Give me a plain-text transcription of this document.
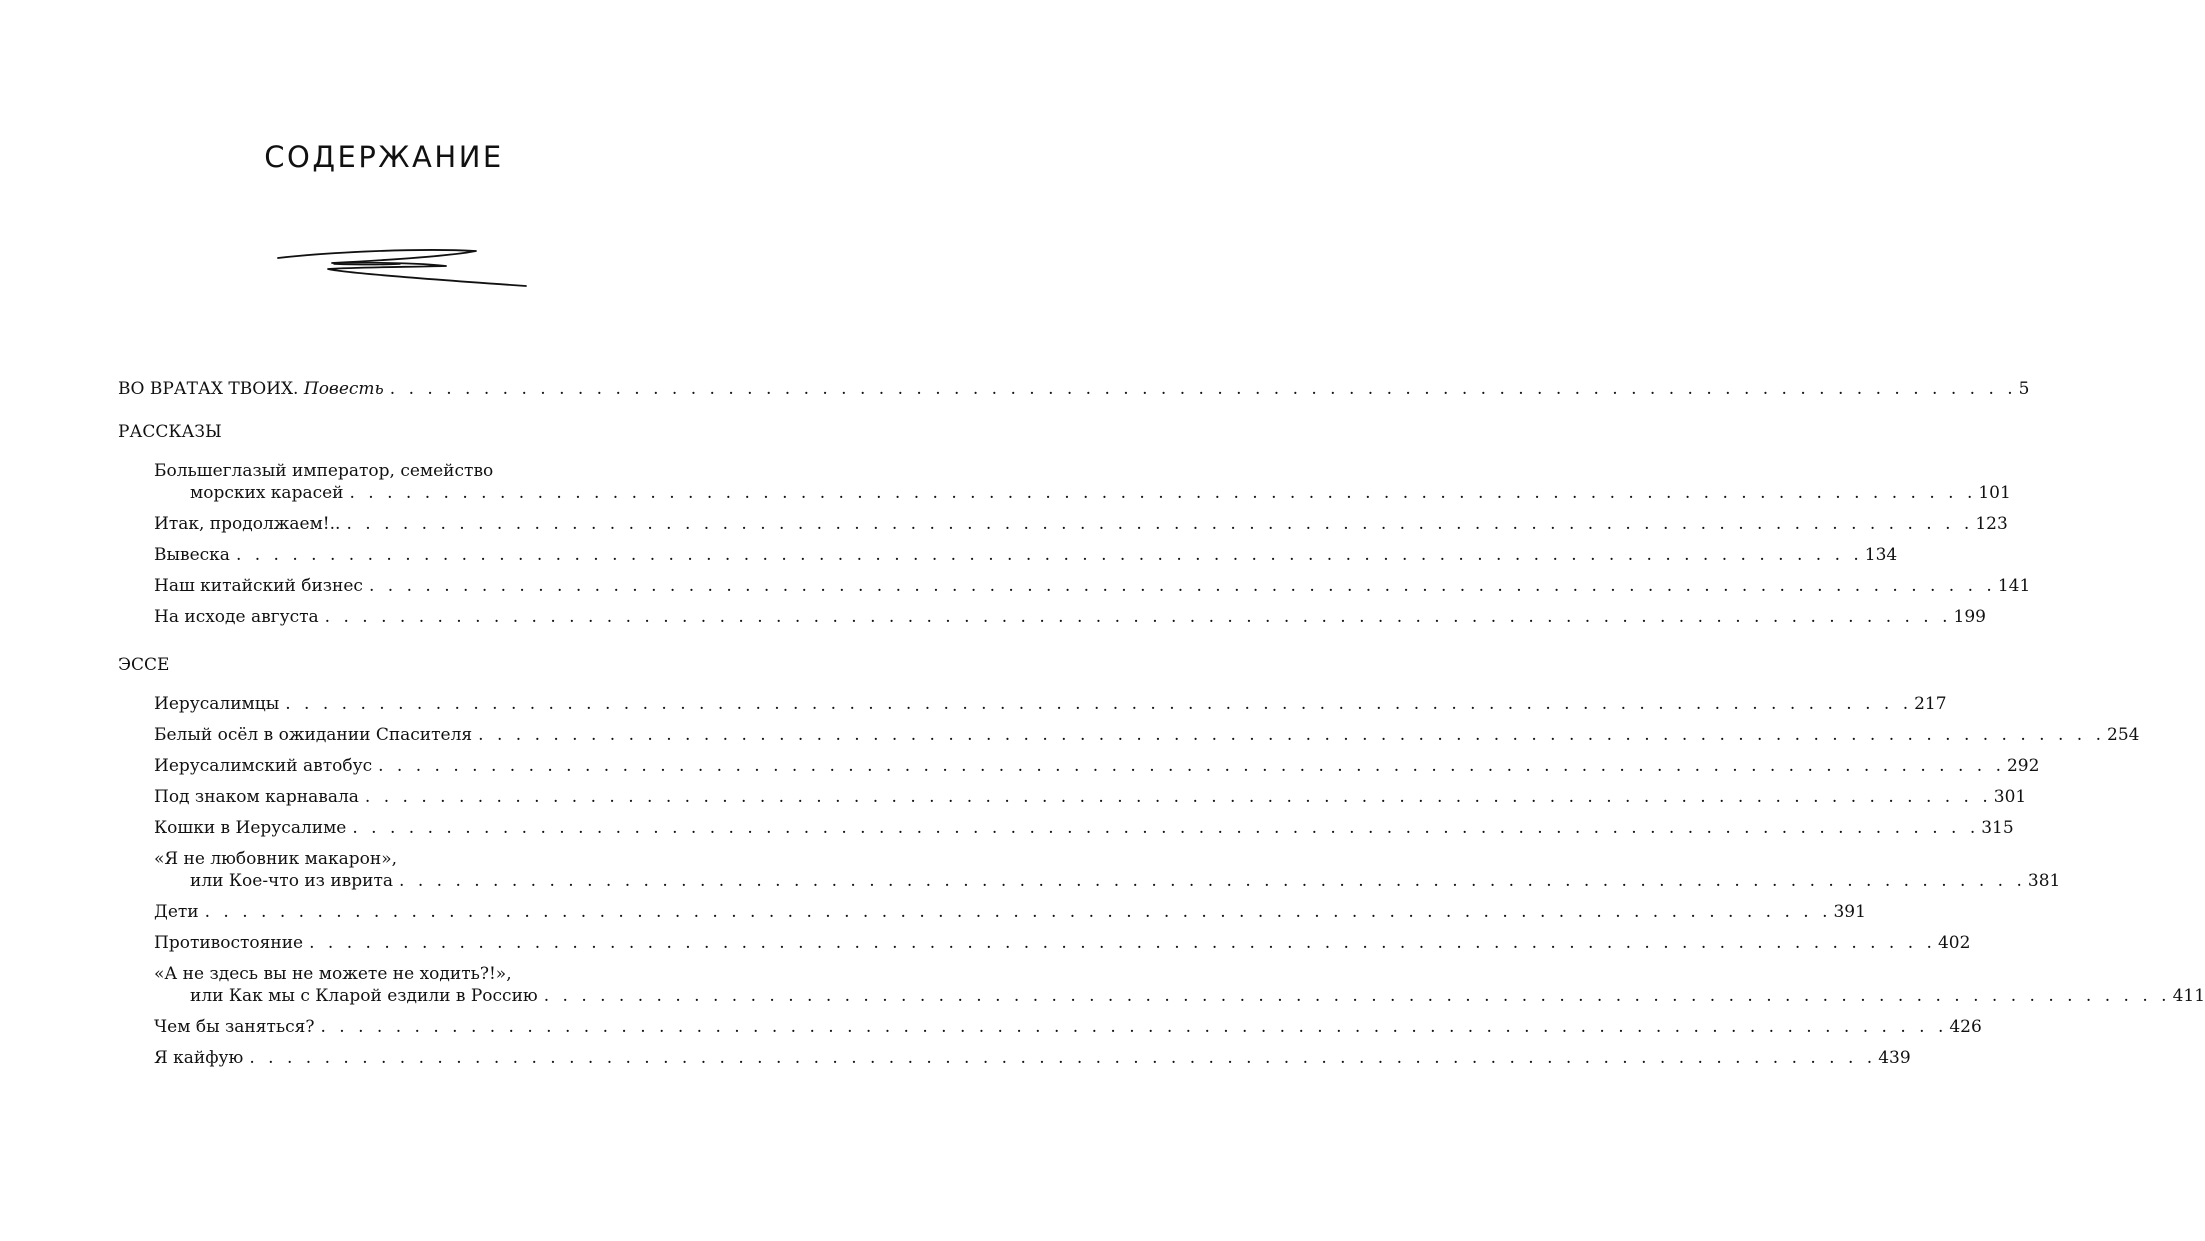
СОДЕРЖАНИЕ
ВО ВРАТАХ ТВОИХ. Повесть . . . . . . . . . . . . . . . . . . . . . . . . . . . . . . . . . . . . . . . . . . . . . . . . . . . . . . . . . . . . . . . . . . . . . . . . . . . . . . . . . . . . . . . 5
РАССКАЗЫ
Большеглазый император, семейство
морских карасей . . . . . . . . . . . . . . . . . . . . . . . . . . . . . . . . . . . . . . . . . . . . . . . . . . . . . . . . . . . . . . . . . . . . . . . . . . . . . . . . . . . . . . . 101
Итак, продолжаем!.. . . . . . . . . . . . . . . . . . . . . . . . . . . . . . . . . . . . . . . . . . . . . . . . . . . . . . . . . . . . . . . . . . . . . . . . . . . . . . . . . . . . . . . . 123
Вывеска . . . . . . . . . . . . . . . . . . . . . . . . . . . . . . . . . . . . . . . . . . . . . . . . . . . . . . . . . . . . . . . . . . . . . . . . . . . . . . . . . . . . . . . 134
Наш китайский бизнес . . . . . . . . . . . . . . . . . . . . . . . . . . . . . . . . . . . . . . . . . . . . . . . . . . . . . . . . . . . . . . . . . . . . . . . . . . . . . . . . . . . . . . . 141
На исходе августа . . . . . . . . . . . . . . . . . . . . . . . . . . . . . . . . . . . . . . . . . . . . . . . . . . . . . . . . . . . . . . . . . . . . . . . . . . . . . . . . . . . . . . . 199
ЭССЕ
Иерусалимцы . . . . . . . . . . . . . . . . . . . . . . . . . . . . . . . . . . . . . . . . . . . . . . . . . . . . . . . . . . . . . . . . . . . . . . . . . . . . . . . . . . . . . . . 217
Белый осёл в ожидании Спасителя . . . . . . . . . . . . . . . . . . . . . . . . . . . . . . . . . . . . . . . . . . . . . . . . . . . . . . . . . . . . . . . . . . . . . . . . . . . . . . . . . . . . . . . 254
Иерусалимский автобус . . . . . . . . . . . . . . . . . . . . . . . . . . . . . . . . . . . . . . . . . . . . . . . . . . . . . . . . . . . . . . . . . . . . . . . . . . . . . . . . . . . . . . . 292
Под знаком карнавала . . . . . . . . . . . . . . . . . . . . . . . . . . . . . . . . . . . . . . . . . . . . . . . . . . . . . . . . . . . . . . . . . . . . . . . . . . . . . . . . . . . . . . . 301
Кошки в Иерусалиме . . . . . . . . . . . . . . . . . . . . . . . . . . . . . . . . . . . . . . . . . . . . . . . . . . . . . . . . . . . . . . . . . . . . . . . . . . . . . . . . . . . . . . . 315
«Я не любовник макарон»,
или Кое-что из иврита . . . . . . . . . . . . . . . . . . . . . . . . . . . . . . . . . . . . . . . . . . . . . . . . . . . . . . . . . . . . . . . . . . . . . . . . . . . . . . . . . . . . . . . 381
Дети . . . . . . . . . . . . . . . . . . . . . . . . . . . . . . . . . . . . . . . . . . . . . . . . . . . . . . . . . . . . . . . . . . . . . . . . . . . . . . . . . . . . . . . 391
Противостояние . . . . . . . . . . . . . . . . . . . . . . . . . . . . . . . . . . . . . . . . . . . . . . . . . . . . . . . . . . . . . . . . . . . . . . . . . . . . . . . . . . . . . . . 402
«А не здесь вы не можете не ходить?!»,
или Как мы с Кларой ездили в Россию . . . . . . . . . . . . . . . . . . . . . . . . . . . . . . . . . . . . . . . . . . . . . . . . . . . . . . . . . . . . . . . . . . . . . . . . . . . . . . . . . . . . . . . 411
Чем бы заняться? . . . . . . . . . . . . . . . . . . . . . . . . . . . . . . . . . . . . . . . . . . . . . . . . . . . . . . . . . . . . . . . . . . . . . . . . . . . . . . . . . . . . . . . 426
Я кайфую . . . . . . . . . . . . . . . . . . . . . . . . . . . . . . . . . . . . . . . . . . . . . . . . . . . . . . . . . . . . . . . . . . . . . . . . . . . . . . . . . . . . . . . 439
